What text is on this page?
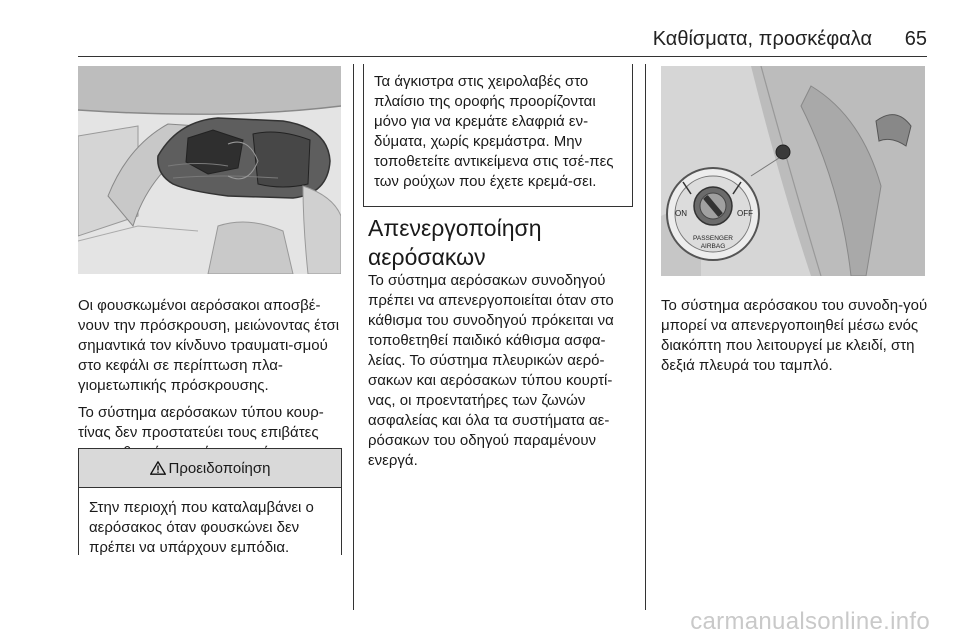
Καθίσματα, προσκέφαλα 65

Οι φουσκωμένοι αερόσακοι αποσβέ-νουν την πρόσκρουση, μειώνοντας έτσι σημαντικά τον κίνδυνο τραυματι-σμού στο κεφάλι σε περίπτωση πλα-γιομετωπικής πρόσκρουσης.

Το σύστημα αερόσακων τύπου κουρ-τίνας δεν προστατεύει τους επιβάτες

Προειδοποίηση
Στην περιοχή που καταλαμβάνει ο αερόσακος όταν φουσκώνει δεν πρέπει να υπάρχουν εμπόδια.
Τα άγκιστρα στις χειρολαβές στο πλαίσιο της οροφής προορίζονται μόνο για να κρεμάτε ελαφριά εν-δύματα, χωρίς κρεμάστρα. Μην τοποθετείτε αντικείμενα στις τσέ-πες των ρούχων που έχετε κρεμά-σει.
Απενεργοποίηση αερόσακων

Το σύστημα αερόσακων συνοδηγού πρέπει να απενεργοποιείται όταν στο κάθισμα του συνοδηγού πρόκειται να τοποθετηθεί παιδικό κάθισμα ασφα-λείας. Το σύστημα πλευρικών αερό-σακων και αερόσακων τύπου κουρτί-νας, οι προεντατήρες των ζωνών ασφαλείας και όλα τα συστήματα αε-ρόσακων του οδηγού παραμένουν ενεργά.

ON	OFF
PASSENGER
AIRBAG

Το σύστημα αερόσακου του συνοδη-γού μπορεί να απενεργοποιηθεί μέσω ενός διακόπτη που λειτουργεί με κλειδί, στη δεξιά πλευρά του ταμπλό.

carmanualsonline.info
